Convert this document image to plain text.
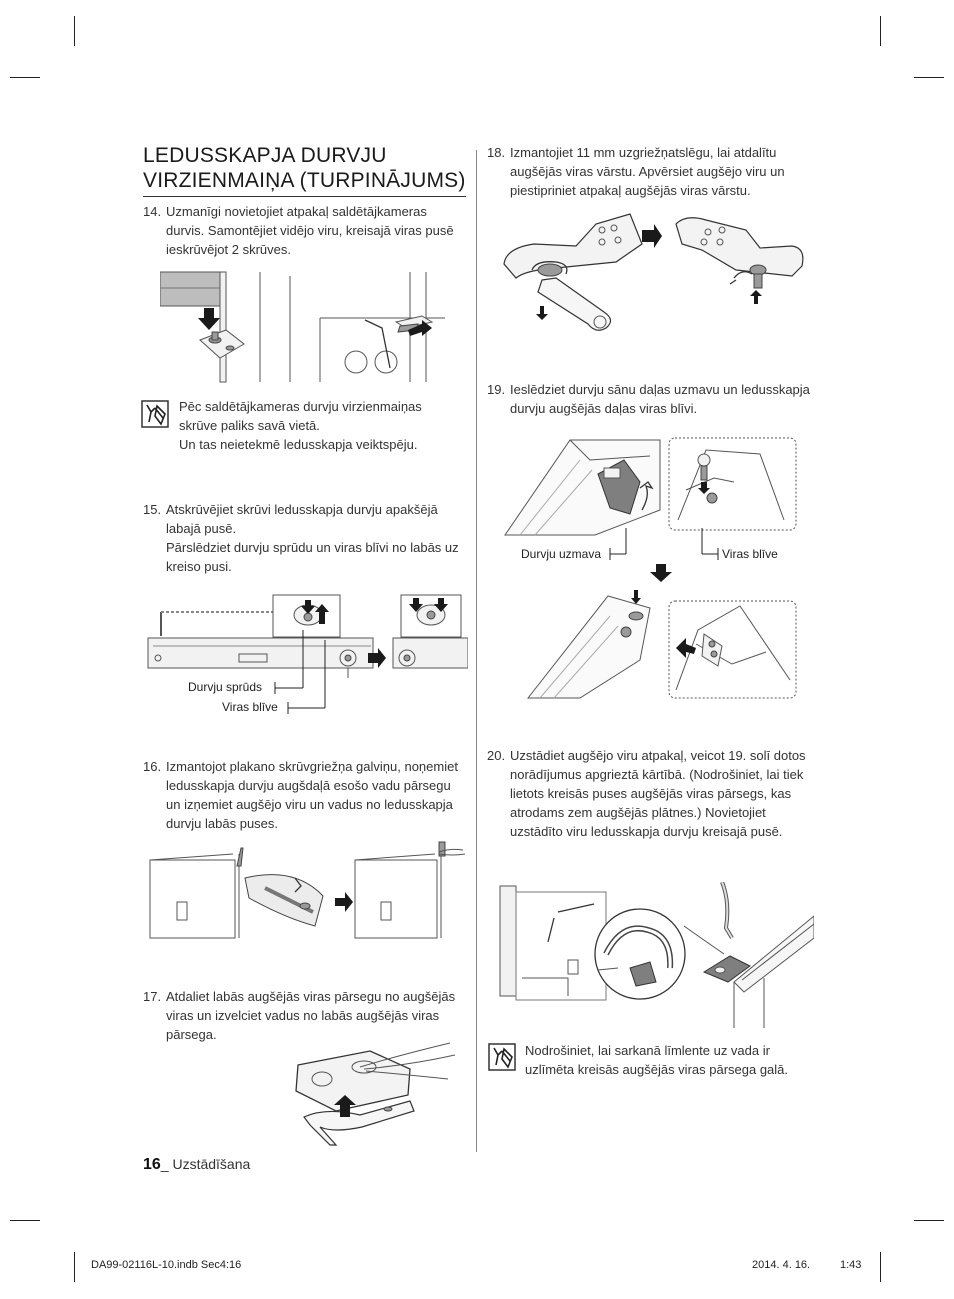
LEDUSSKAPJA DURVJU
VIRZIENMAIŅA (TURPINĀJUMS)
14. Uzmanīgi novietojiet atpakaļ saldētājkameras durvis. Samontējiet vidējo viru, kreisajā viras pusē ieskrūvējot 2 skrūves.
Pēc saldētājkameras durvju virzienmaiņas
skrūve paliks savā vietā.
Un tas neietekmē ledusskapja veiktspēju.
15. Atskrūvējiet skrūvi ledusskapja durvju apakšējā labajā pusē.
Pārslēdziet durvju sprūdu un viras blīvi no labās uz kreiso pusi.
Durvju sprūds
Viras blīve
16. Izmantojot plakano skrūvgriežņa galviņu, noņemiet ledusskapja durvju augšdaļā esošo vadu pārsegu un izņemiet augšējo viru un vadus no ledusskapja durvju labās puses.
17. Atdaliet labās augšējās viras pārsegu no augšējās viras un izvelciet vadus no labās augšējās viras pārsega.
18. Izmantojiet 11 mm uzgriežņatslēgu, lai atdalītu augšējās viras vārstu. Apvērsiet augšējo viru un piestipriniet atpakaļ augšējās viras vārstu.
19. Ieslēdziet durvju sānu daļas uzmavu un ledusskapja durvju augšējās daļas viras blīvi.
Durvju uzmava	Viras blīve
20. Uzstādiet augšējo viru atpakaļ, veicot 19. solī dotos norādījumus apgrieztā kārtībā. (Nodrošiniet, lai tiek lietots kreisās puses augšējās viras pārsegs, kas atrodams zem augšējās plātnes.) Novietojiet uzstādīto viru ledusskapja durvju kreisajā pusē.
Nodrošiniet, lai sarkanā līmlente uz vada ir
uzlīmēta kreisās augšējās viras pārsega galā.
16_ Uzstādīšana
DA99-02116L-10.indb Sec4:16	2014. 4. 16.	1:43
